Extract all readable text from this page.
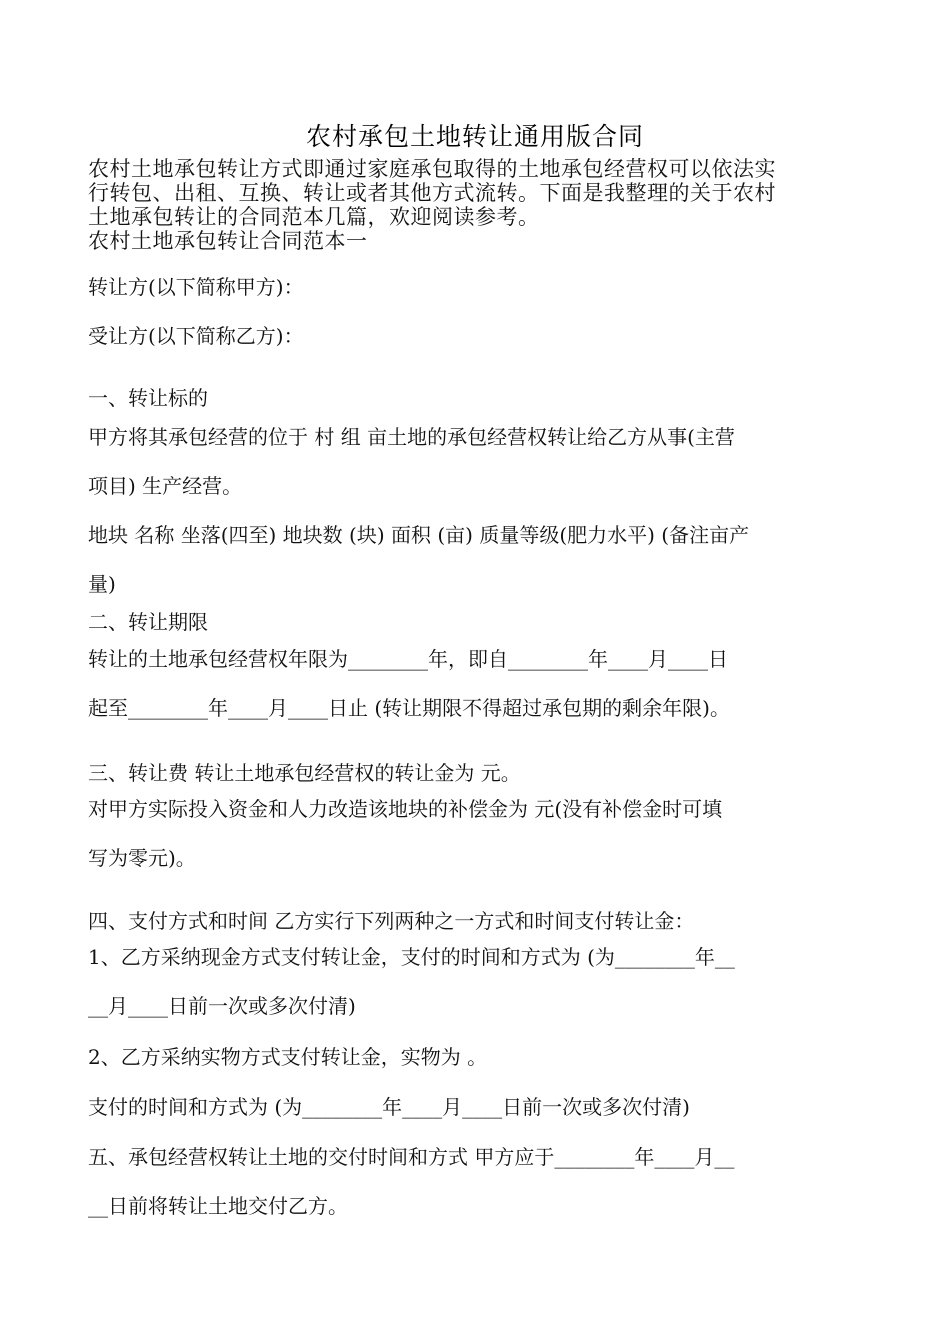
农村承包土地转让通用版合同

农村土地承包转让方式即通过家庭承包取得的土地承包经营权可以依法实

行转包、出租、互换、转让或者其他方式流转。下面是我整理的关于农村

土地承包转让的合同范本几篇，欢迎阅读参考。

农村土地承包转让合同范本一

转让方(以下简称甲方)：
受让方(以下简称乙方)：
一、转让标的
甲方将其承包经营的位于 村 组 亩土地的承包经营权转让给乙方从事(主营
项目) 生产经营。
地块 名称 坐落(四至) 地块数 (块) 面积 (亩) 质量等级(肥力水平) (备注亩产
量)
二、转让期限
转让的土地承包经营权年限为________年，即自________年____月____日
起至________年____月____日止 (转让期限不得超过承包期的剩余年限)。
三、转让费 转让土地承包经营权的转让金为 元。
对甲方实际投入资金和人力改造该地块的补偿金为 元(没有补偿金时可填
写为零元)。
四、支付方式和时间 乙方实行下列两种之一方式和时间支付转让金：
1、乙方采纳现金方式支付转让金，支付的时间和方式为 (为________年__
__月____日前一次或多次付清)
2、乙方采纳实物方式支付转让金，实物为 。
支付的时间和方式为 (为________年____月____日前一次或多次付清)
五、承包经营权转让土地的交付时间和方式 甲方应于________年____月__
__日前将转让土地交付乙方。
